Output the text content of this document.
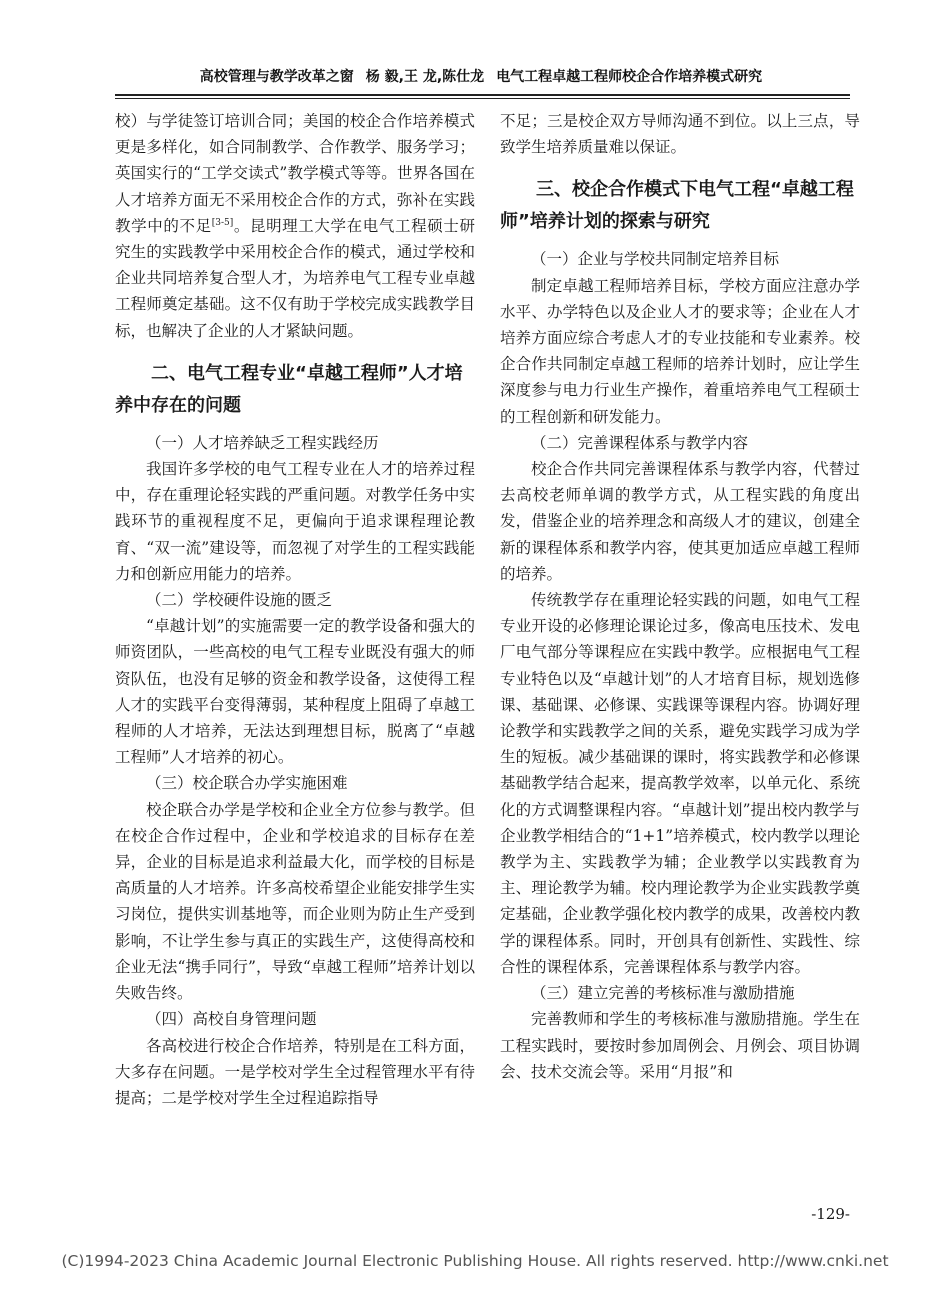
高校管理与教学改革之窗 杨 毅,王 龙,陈仕龙 电气工程卓越工程师校企合作培养模式研究

校）与学徒签订培训合同；美国的校企合作培养模式更是多样化，如合同制教学、合作教学、服务学习；英国实行的“工学交读式”教学模式等等。世界各国在人才培养方面无不采用校企合作的方式，弥补在实践教学中的不足[3-5]。昆明理工大学在电气工程硕士研究生的实践教学中采用校企合作的模式，通过学校和企业共同培养复合型人才，为培养电气工程专业卓越工程师奠定基础。这不仅有助于学校完成实践教学目标，也解决了企业的人才紧缺问题。

二、电气工程专业“卓越工程师”人才培养中存在的问题
（一）人才培养缺乏工程实践经历

我国许多学校的电气工程专业在人才的培养过程中，存在重理论轻实践的严重问题。对教学任务中实践环节的重视程度不足，更偏向于追求课程理论教育、“双一流”建设等，而忽视了对学生的工程实践能力和创新应用能力的培养。

（二）学校硬件设施的匮乏

“卓越计划”的实施需要一定的教学设备和强大的师资团队，一些高校的电气工程专业既没有强大的师资队伍，也没有足够的资金和教学设备，这使得工程人才的实践平台变得薄弱，某种程度上阻碍了卓越工程师的人才培养，无法达到理想目标，脱离了“卓越工程师”人才培养的初心。

（三）校企联合办学实施困难

校企联合办学是学校和企业全方位参与教学。但在校企合作过程中，企业和学校追求的目标存在差异，企业的目标是追求利益最大化，而学校的目标是高质量的人才培养。许多高校希望企业能安排学生实习岗位，提供实训基地等，而企业则为防止生产受到影响，不让学生参与真正的实践生产，这使得高校和企业无法“携手同行”，导致“卓越工程师”培养计划以失败告终。

（四）高校自身管理问题

各高校进行校企合作培养，特别是在工科方面，大多存在问题。一是学校对学生全过程管理水平有待提高；二是学校对学生全过程追踪指导

不足；三是校企双方导师沟通不到位。以上三点，导致学生培养质量难以保证。

三、校企合作模式下电气工程“卓越工程师”培养计划的探索与研究
（一）企业与学校共同制定培养目标

制定卓越工程师培养目标，学校方面应注意办学水平、办学特色以及企业人才的要求等；企业在人才培养方面应综合考虑人才的专业技能和专业素养。校企合作共同制定卓越工程师的培养计划时，应让学生深度参与电力行业生产操作，着重培养电气工程硕士的工程创新和研发能力。

（二）完善课程体系与教学内容

校企合作共同完善课程体系与教学内容，代替过去高校老师单调的教学方式，从工程实践的角度出发，借鉴企业的培养理念和高级人才的建议，创建全新的课程体系和教学内容，使其更加适应卓越工程师的培养。

传统教学存在重理论轻实践的问题，如电气工程专业开设的必修理论课论过多，像高电压技术、发电厂电气部分等课程应在实践中教学。应根据电气工程专业特色以及“卓越计划”的人才培育目标，规划选修课、基础课、必修课、实践课等课程内容。协调好理论教学和实践教学之间的关系，避免实践学习成为学生的短板。减少基础课的课时，将实践教学和必修课基础教学结合起来，提高教学效率，以单元化、系统化的方式调整课程内容。“卓越计划”提出校内教学与企业教学相结合的“1+1”培养模式，校内教学以理论教学为主、实践教学为辅；企业教学以实践教育为主、理论教学为辅。校内理论教学为企业实践教学奠定基础，企业教学强化校内教学的成果，改善校内教学的课程体系。同时，开创具有创新性、实践性、综合性的课程体系，完善课程体系与教学内容。

（三）建立完善的考核标准与激励措施

完善教师和学生的考核标准与激励措施。学生在工程实践时，要按时参加周例会、月例会、项目协调会、技术交流会等。采用“月报”和

-129-
(C)1994-2023 China Academic Journal Electronic Publishing House. All rights reserved. http://www.cnki.net
